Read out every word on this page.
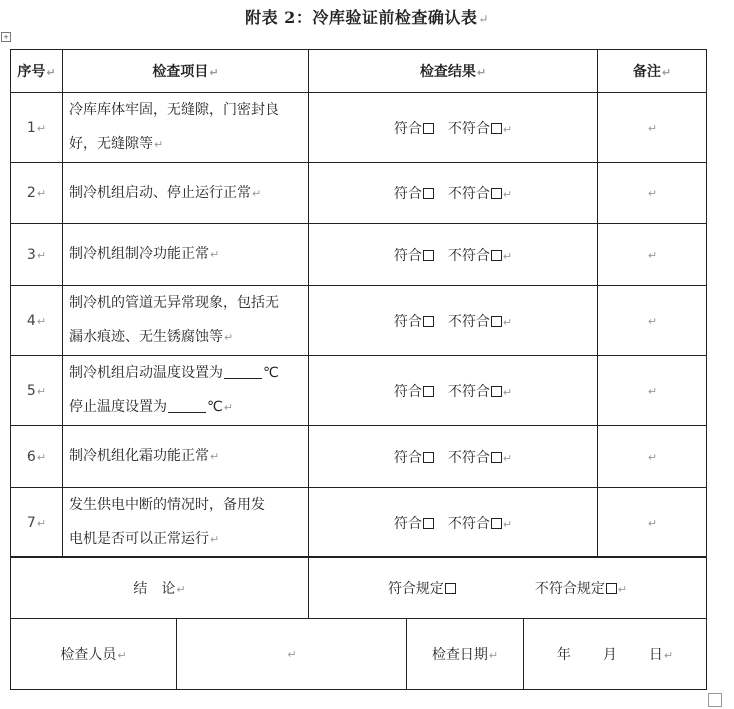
附表 2：冷库验证前检查确认表↵
+
序号↵	检查项目↵	检查结果↵	备注↵
1↵	冷库库体牢固，无缝隙，门密封良
好，无缝隙等↵	符合 不符合 ↵	↵
2↵	制冷机组启动、停止运行正常↵	符合 不符合 ↵	↵
3↵	制冷机组制冷功能正常↵	符合 不符合 ↵	↵
4↵	制冷机的管道无异常现象，包括无
漏水痕迹、无生锈腐蚀等↵	符合 不符合 ↵	↵
5↵	制冷机组启动温度设置为 ℃
停止温度设置为 ℃↵	符合 不符合 ↵	↵
6↵	制冷机组化霜功能正常↵	符合 不符合 ↵	↵
7↵	发生供电中断的情况时，备用发
电机是否可以正常运行↵	符合 不符合 ↵	↵
结　论↵	符合规定	不符合规定 ↵
检查人员↵	↵	检查日期↵	年 月 日↵
